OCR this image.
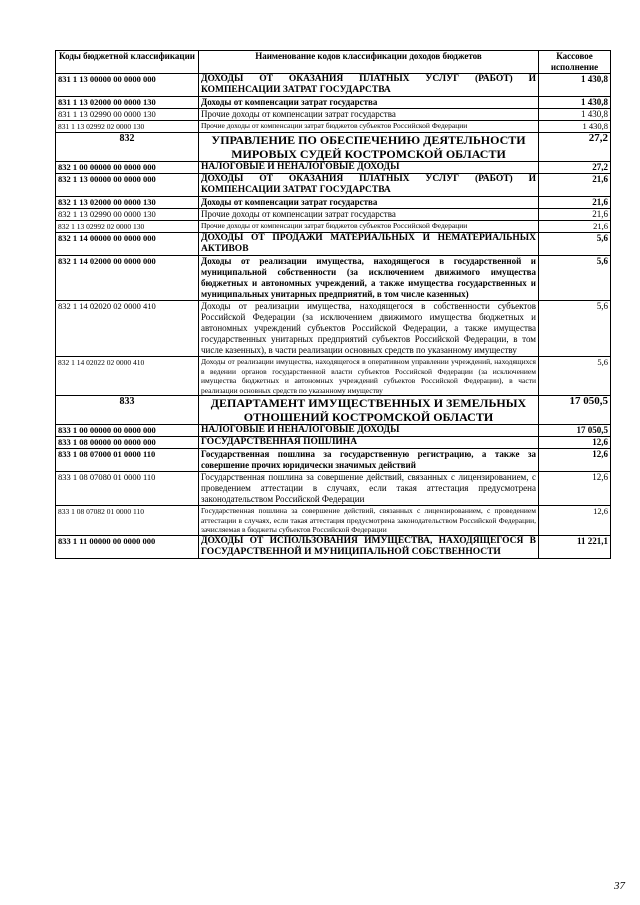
Коды бюджетной классификации	Наименование кодов классификации доходов бюджетов	Кассовое исполнение
831 1 13 00000 00 0000 000	ДОХОДЫ ОТ ОКАЗАНИЯ ПЛАТНЫХ УСЛУГ (РАБОТ) И КОМПЕНСАЦИИ ЗАТРАТ ГОСУДАРСТВА	1 430,8
831 1 13 02000 00 0000 130	Доходы от компенсации затрат государства	1 430,8
831 1 13 02990 00 0000 130	Прочие доходы от компенсации затрат государства	1 430,8
831 1 13 02992 02 0000 130	Прочие доходы от компенсации затрат бюджетов субъектов Российской Федерации	1 430,8
832	УПРАВЛЕНИЕ ПО ОБЕСПЕЧЕНИЮ ДЕЯТЕЛЬНОСТИ МИРОВЫХ СУДЕЙ КОСТРОМСКОЙ ОБЛАСТИ	27,2
832 1 00 00000 00 0000 000	НАЛОГОВЫЕ И НЕНАЛОГОВЫЕ ДОХОДЫ	27,2
832 1 13 00000 00 0000 000	ДОХОДЫ ОТ ОКАЗАНИЯ ПЛАТНЫХ УСЛУГ (РАБОТ) И КОМПЕНСАЦИИ ЗАТРАТ ГОСУДАРСТВА	21,6
832 1 13 02000 00 0000 130	Доходы от компенсации затрат государства	21,6
832 1 13 02990 00 0000 130	Прочие доходы от компенсации затрат государства	21,6
832 1 13 02992 02 0000 130	Прочие доходы от компенсации затрат бюджетов субъектов Российской Федерации	21,6
832 1 14 00000 00 0000 000	ДОХОДЫ ОТ ПРОДАЖИ МАТЕРИАЛЬНЫХ И НЕМАТЕРИАЛЬНЫХ АКТИВОВ	5,6
832 1 14 02000 00 0000 000	Доходы от реализации имущества, находящегося в государственной и муниципальной собственности (за исключением движимого имущества бюджетных и автономных учреждений, а также имущества государственных и муниципальных унитарных предприятий, в том числе казенных)	5,6
832 1 14 02020 02 0000 410	Доходы от реализации имущества, находящегося в собственности субъектов Российской Федерации (за исключением движимого имущества бюджетных и автономных учреждений субъектов Российской Федерации, а также имущества государственных унитарных предприятий субъектов Российской Федерации, в том числе казенных), в части реализации основных средств по указанному имуществу	5,6
832 1 14 02022 02 0000 410	Доходы от реализации имущества, находящегося в оперативном управлении учреждений, находящихся в ведении органов государственной власти субъектов Российской Федерации (за исключением имущества бюджетных и автономных учреждений субъектов Российской Федерации), в части реализации основных средств по указанному имуществу	5,6
833	ДЕПАРТАМЕНТ ИМУЩЕСТВЕННЫХ И ЗЕМЕЛЬНЫХ ОТНОШЕНИЙ КОСТРОМСКОЙ ОБЛАСТИ	17 050,5
833 1 00 00000 00 0000 000	НАЛОГОВЫЕ И НЕНАЛОГОВЫЕ ДОХОДЫ	17 050,5
833 1 08 00000 00 0000 000	ГОСУДАРСТВЕННАЯ ПОШЛИНА	12,6
833 1 08 07000 01 0000 110	Государственная пошлина за государственную регистрацию, а также за совершение прочих юридически значимых действий	12,6
833 1 08 07080 01 0000 110	Государственная пошлина за совершение действий, связанных с лицензированием, с проведением аттестации в случаях, если такая аттестация предусмотрена законодательством Российской Федерации	12,6
833 1 08 07082 01 0000 110	Государственная пошлина за совершение действий, связанных с лицензированием, с проведением аттестации в случаях, если такая аттестация предусмотрена законодательством Российской Федерации, зачисляемая в бюджеты субъектов Российской Федерации	12,6
833 1 11 00000 00 0000 000	ДОХОДЫ ОТ ИСПОЛЬЗОВАНИЯ ИМУЩЕСТВА, НАХОДЯЩЕГОСЯ В ГОСУДАРСТВЕННОЙ И МУНИЦИПАЛЬНОЙ СОБСТВЕННОСТИ	11 221,1
37
